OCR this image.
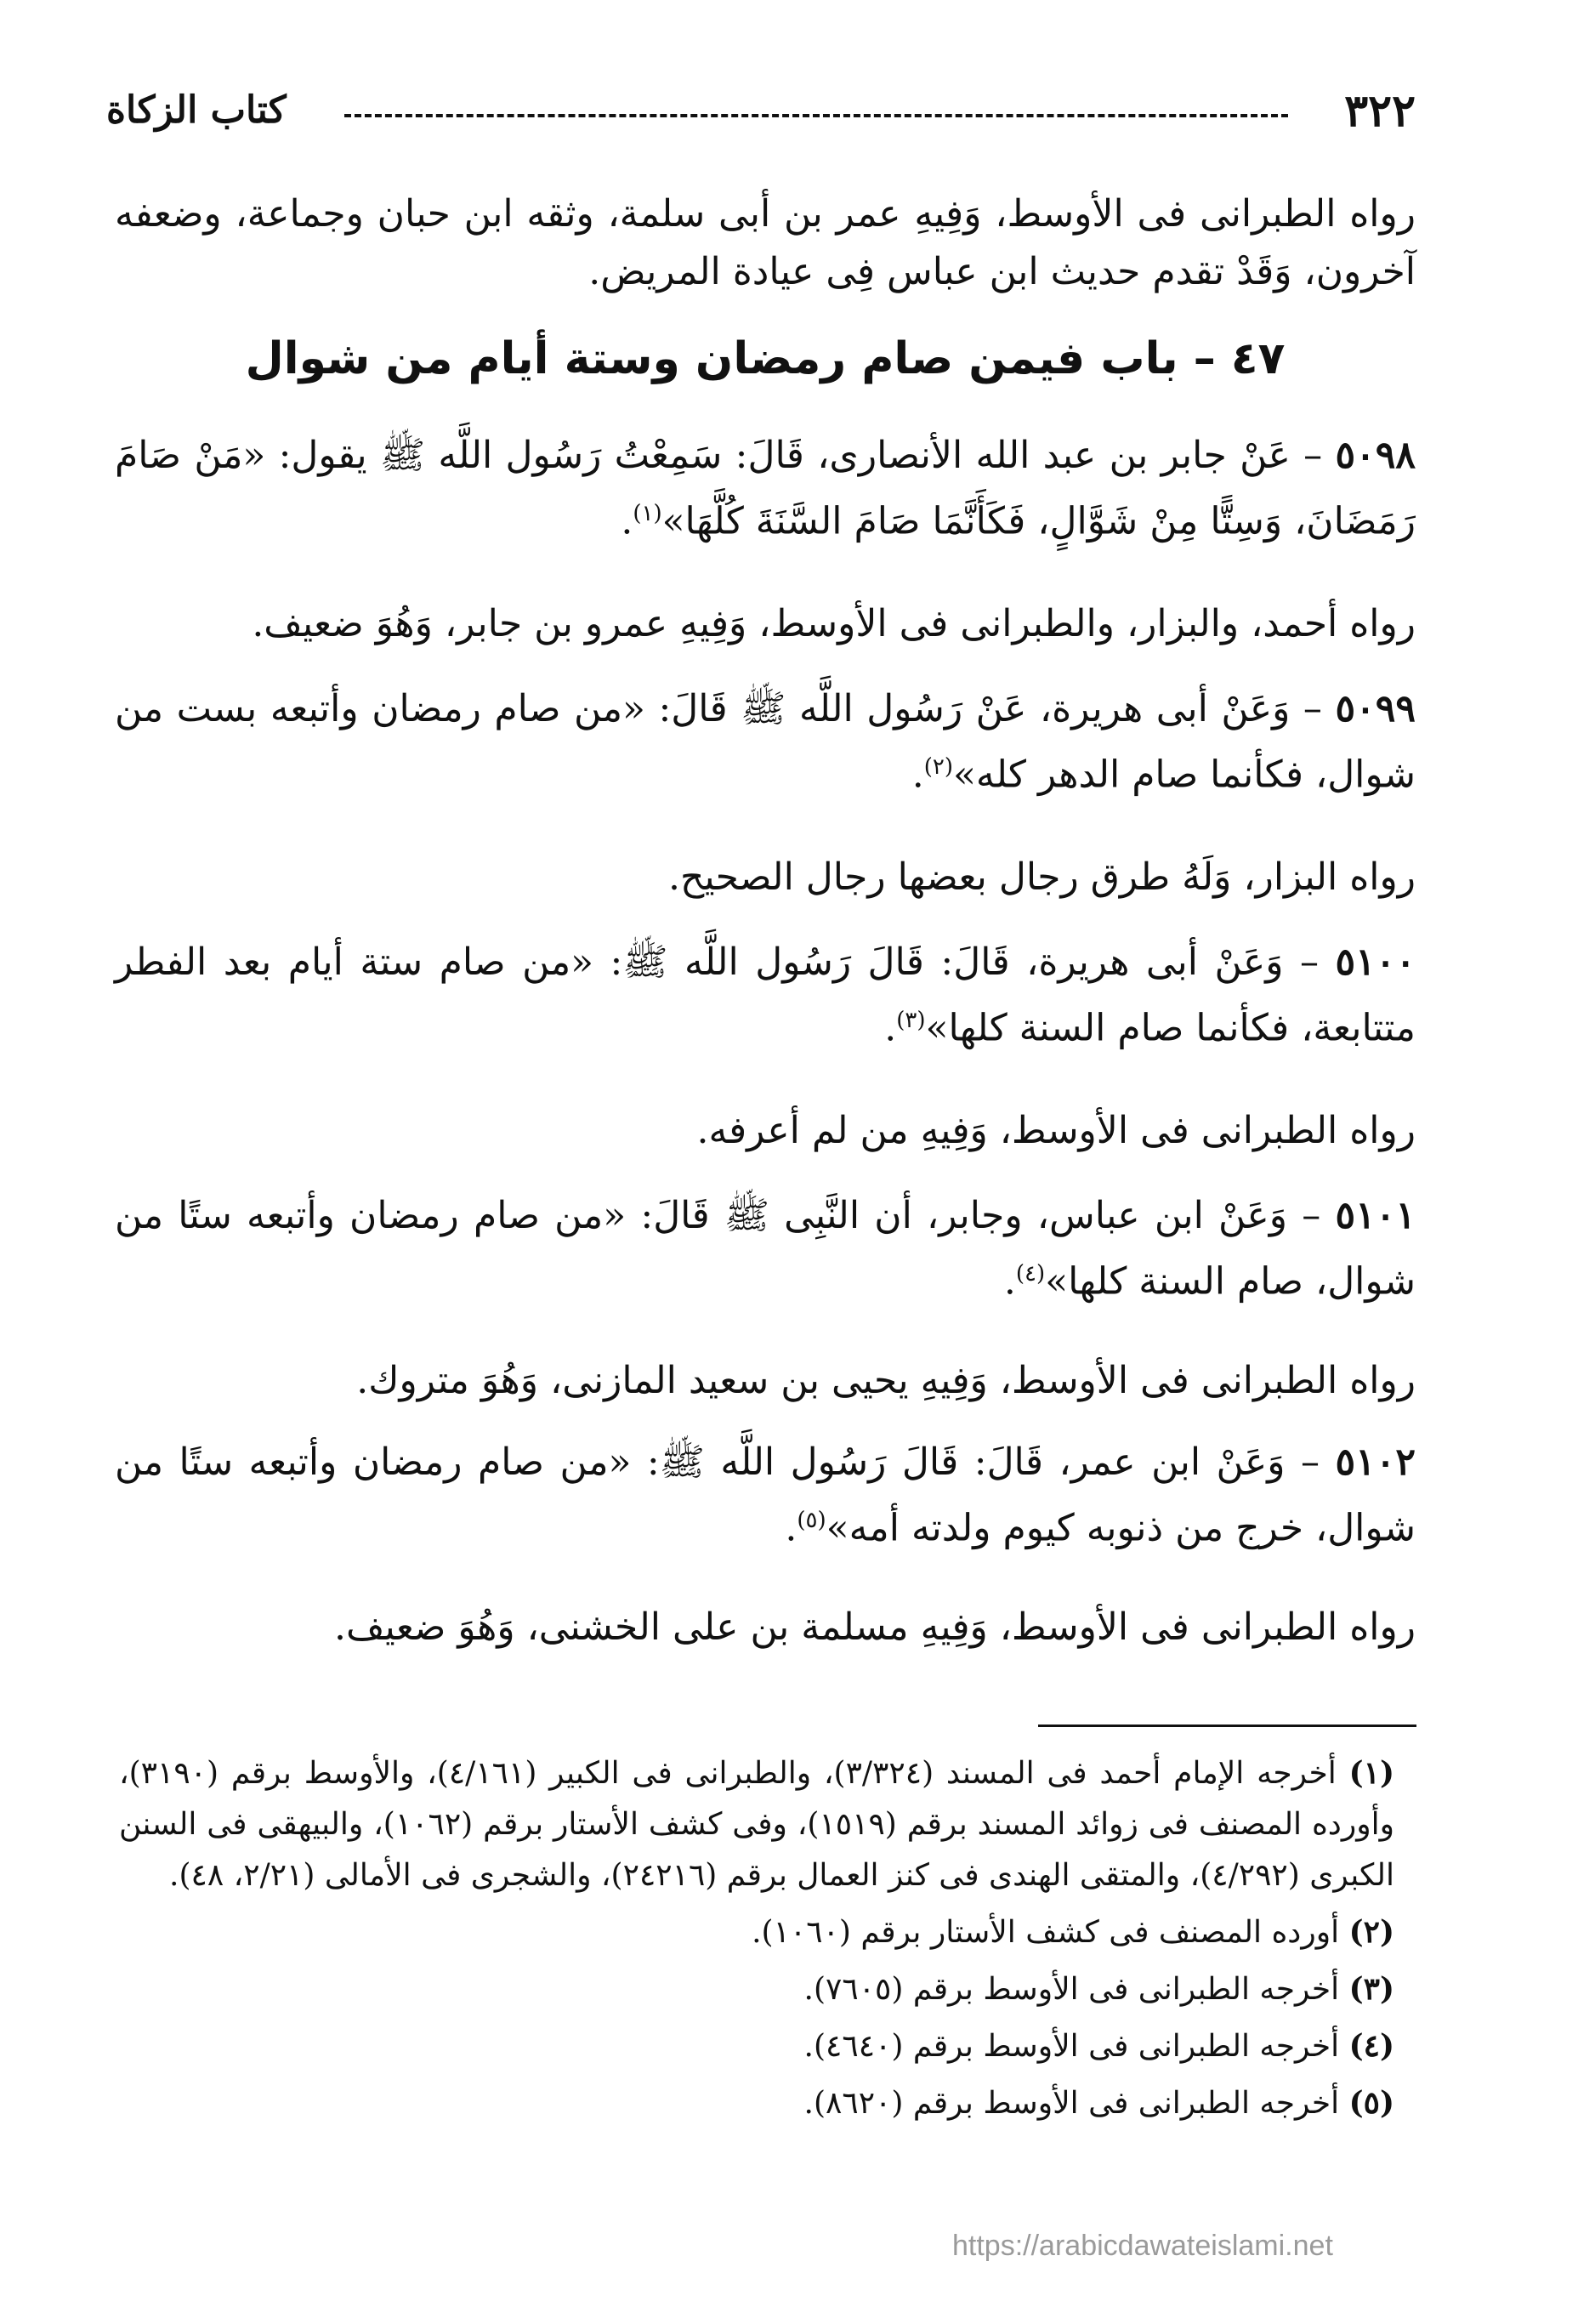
٣٢٢
كتاب الزكاة
رواه الطبرانى فى الأوسط، وَفِيهِ عمر بن أبى سلمة، وثقه ابن حبان وجماعة، وضعفه آخرون، وَقَدْ تقدم حديث ابن عباس فِى عيادة المريض.
٤٧ – باب فيمن صام رمضان وستة أيام من شوال
٥٠٩٨ – عَنْ جابر بن عبد الله الأنصارى، قَالَ: سَمِعْتُ رَسُول اللَّه ﷺ يقول: «مَنْ صَامَ رَمَضَانَ، وَسِتًّا مِنْ شَوَّالٍ، فَكَأَنَّمَا صَامَ السَّنَةَ كُلَّهَا»$^{(١)}$.
رواه أحمد، والبزار، والطبرانى فى الأوسط، وَفِيهِ عمرو بن جابر، وَهُوَ ضعيف.
٥٠٩٩ – وَعَنْ أبى هريرة، عَنْ رَسُول اللَّه ﷺ قَالَ: «من صام رمضان وأتبعه بست من شوال، فكأنما صام الدهر كله»$^{(٢)}$.
رواه البزار، وَلَهُ طرق رجال بعضها رجال الصحيح.
٥١٠٠ – وَعَنْ أبى هريرة، قَالَ: قَالَ رَسُول اللَّه ﷺ: «من صام ستة أيام بعد الفطر متتابعة، فكأنما صام السنة كلها»$^{(٣)}$.
رواه الطبرانى فى الأوسط، وَفِيهِ من لم أعرفه.
٥١٠١ – وَعَنْ ابن عباس، وجابر، أن النَّبِى ﷺ قَالَ: «من صام رمضان وأتبعه ستًا من شوال، صام السنة كلها»$^{(٤)}$.
رواه الطبرانى فى الأوسط، وَفِيهِ يحيى بن سعيد المازنى، وَهُوَ متروك.
٥١٠٢ – وَعَنْ ابن عمر، قَالَ: قَالَ رَسُول اللَّه ﷺ: «من صام رمضان وأتبعه ستًا من شوال، خرج من ذنوبه كيوم ولدته أمه»$^{(٥)}$.
رواه الطبرانى فى الأوسط، وَفِيهِ مسلمة بن على الخشنى، وَهُوَ ضعيف.

(١) أخرجه الإمام أحمد فى المسند (٣/٣٢٤)، والطبرانى فى الكبير (٤/١٦١)، والأوسط برقم (٣١٩٠)، وأورده المصنف فى زوائد المسند برقم (١٥١٩)، وفى كشف الأستار برقم (١٠٦٢)، والبيهقى فى السنن الكبرى (٤/٢٩٢)، والمتقى الهندى فى كنز العمال برقم (٢٤٢١٦)، والشجرى فى الأمالى (٢/٢١، ٤٨).

(٢) أورده المصنف فى كشف الأستار برقم (١٠٦٠).

(٣) أخرجه الطبرانى فى الأوسط برقم (٧٦٠٥).

(٤) أخرجه الطبرانى فى الأوسط برقم (٤٦٤٠).

(٥) أخرجه الطبرانى فى الأوسط برقم (٨٦٢٠).

https://arabicdawateislami.net
